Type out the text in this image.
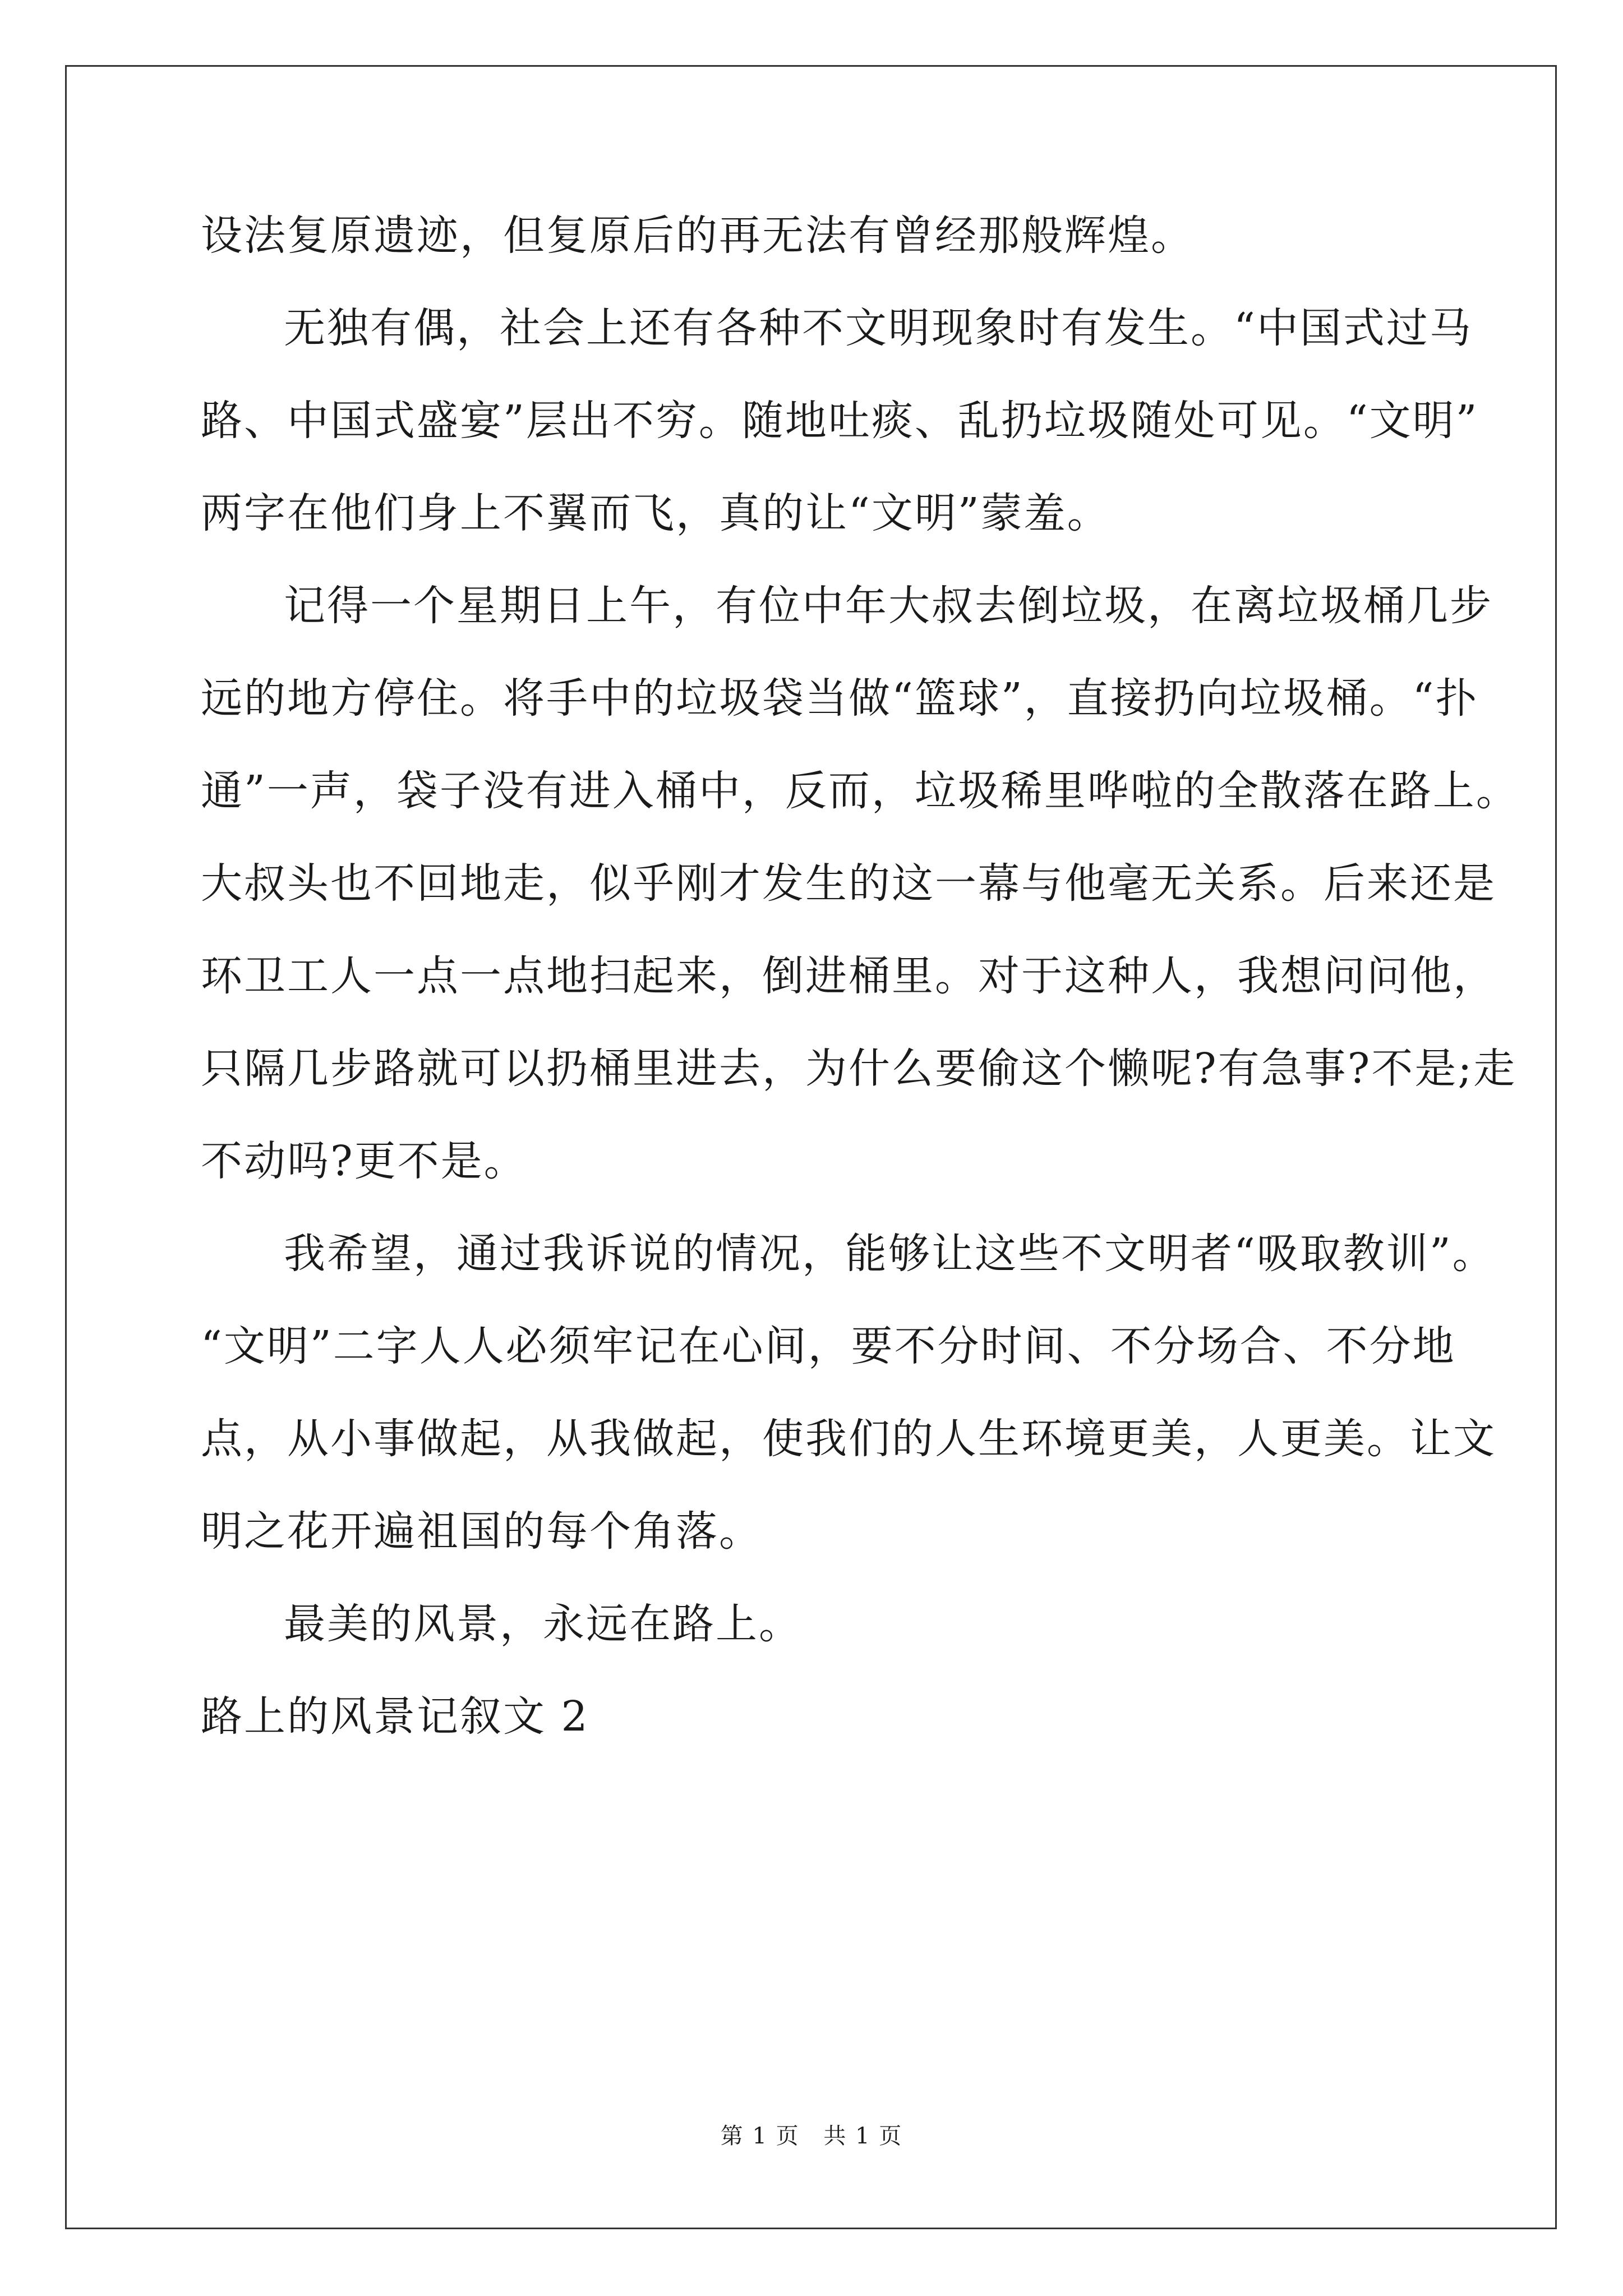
设法复原遗迹，但复原后的再无法有曾经那般辉煌。
无独有偶，社会上还有各种不文明现象时有发生。“中国式过马
路、中国式盛宴”层出不穷。随地吐痰、乱扔垃圾随处可见。“文明”
两字在他们身上不翼而飞，真的让“文明”蒙羞。
记得一个星期日上午，有位中年大叔去倒垃圾，在离垃圾桶几步
远的地方停住。将手中的垃圾袋当做“篮球”，直接扔向垃圾桶。“扑
通”一声，袋子没有进入桶中，反而，垃圾稀里哗啦的全散落在路上。
大叔头也不回地走，似乎刚才发生的这一幕与他毫无关系。后来还是
环卫工人一点一点地扫起来，倒进桶里。对于这种人，我想问问他，
只隔几步路就可以扔桶里进去，为什么要偷这个懒呢?有急事?不是;走
不动吗?更不是。
我希望，通过我诉说的情况，能够让这些不文明者“吸取教训”。
“文明”二字人人必须牢记在心间，要不分时间、不分场合、不分地
点，从小事做起，从我做起，使我们的人生环境更美，人更美。让文
明之花开遍祖国的每个角落。
最美的风景，永远在路上。
路上的风景记叙文 2
第 1 页 共 1 页
